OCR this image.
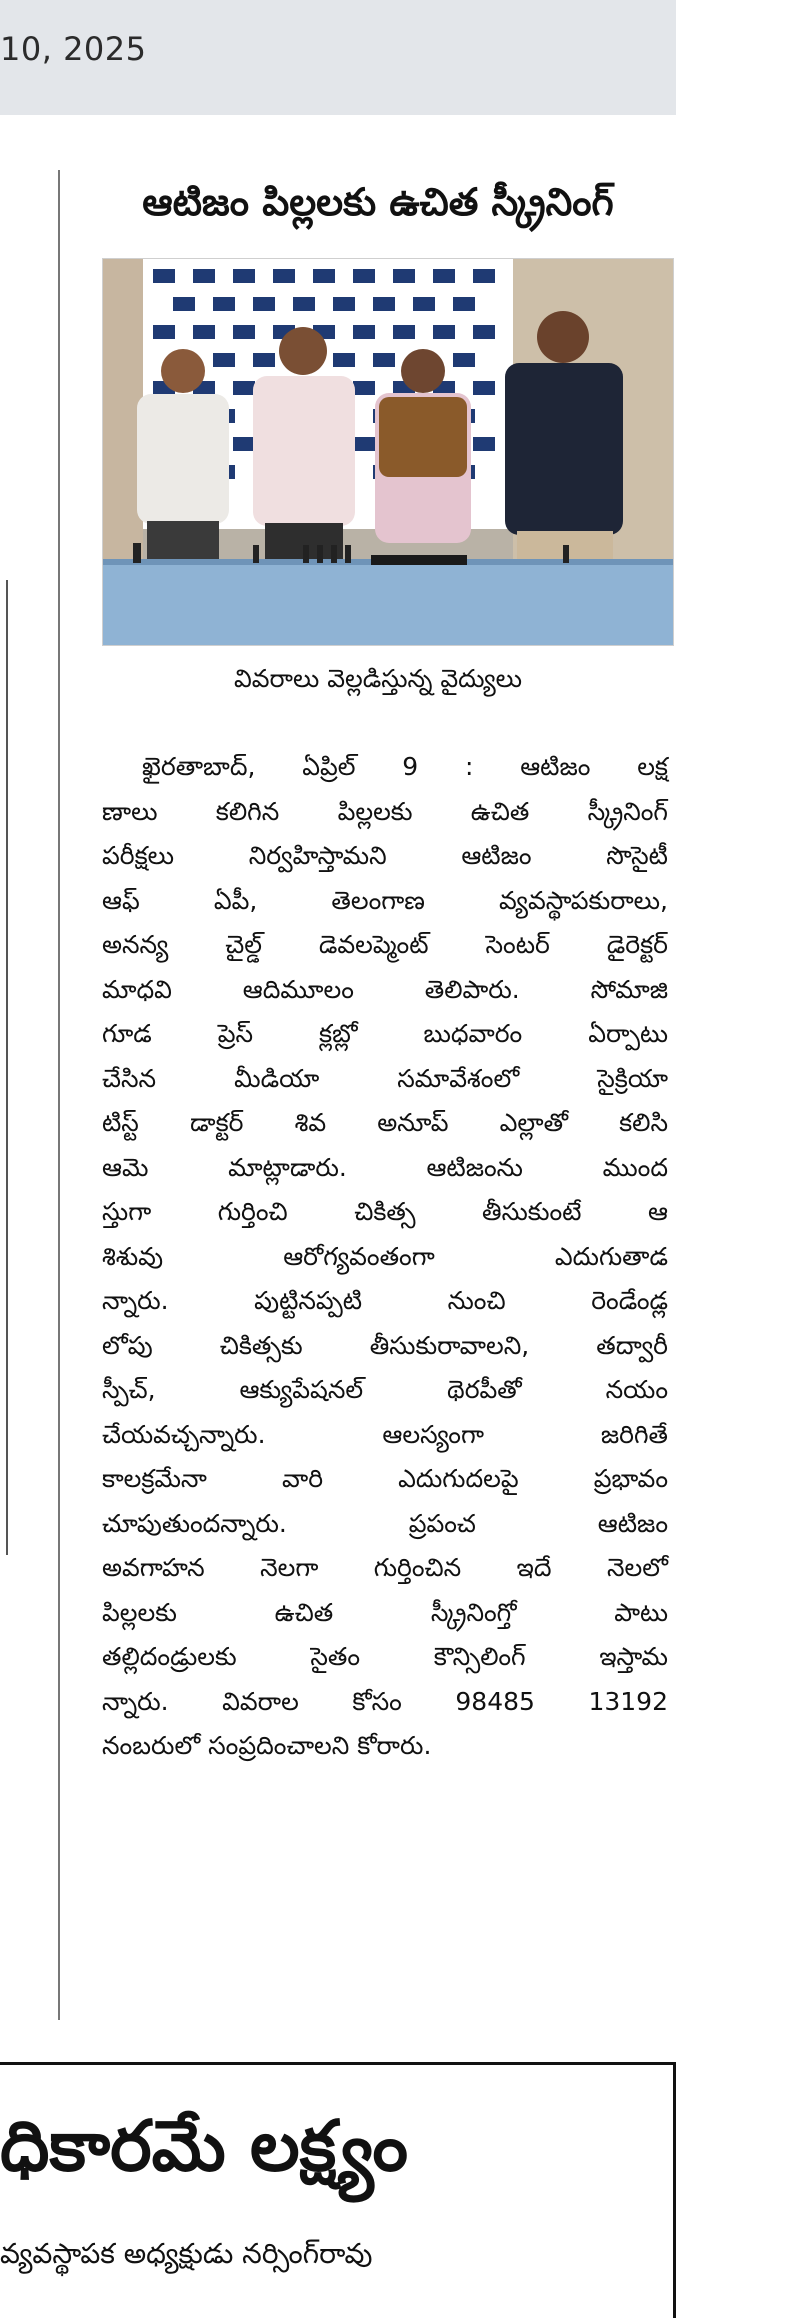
10, 2025
ఆటిజం పిల్లలకు ఉచిత స్క్రీనింగ్
వివరాలు వెల్లడిస్తున్న వైద్యులు
ఖైరతాబాద్, ఏప్రిల్ 9 : ఆటిజం లక్ష
ణాలు కలిగిన పిల్లలకు ఉచిత స్క్రీనింగ్
పరీక్షలు నిర్వహిస్తామని ఆటిజం సొసైటీ
ఆఫ్ ఏపీ, తెలంగాణ వ్యవస్థాపకురాలు,
అనన్య చైల్డ్ డెవలప్మెంట్ సెంటర్ డైరెక్టర్
మాధవి ఆదిమూలం తెలిపారు. సోమాజి
గూడ ప్రెస్ క్లబ్లో బుధవారం ఏర్పాటు
చేసిన మీడియా సమావేశంలో సైక్రియా
టిస్ట్ డాక్టర్ శివ అనూప్ ఎల్లాతో కలిసి
ఆమె మాట్లాడారు. ఆటిజంను ముంద
స్తుగా గుర్తించి చికిత్స తీసుకుంటే ఆ
శిశువు ఆరోగ్యవంతంగా ఎదుగుతాడ
న్నారు. పుట్టినప్పటి నుంచి రెండేండ్ల
లోపు చికిత్సకు తీసుకురావాలని, తద్వారీ
స్పీచ్, ఆక్యుపేషనల్ థెరపీతో నయం
చేయవచ్చన్నారు. ఆలస్యంగా జరిగితే
కాలక్రమేనా వారి ఎదుగుదలపై ప్రభావం
చూపుతుందన్నారు. ప్రపంచ ఆటిజం
అవగాహన నెలగా గుర్తించిన ఇదే నెలలో
పిల్లలకు ఉచిత స్క్రీనింగ్తో పాటు
తల్లిదండ్రులకు సైతం కౌన్సిలింగ్ ఇస్తామ
న్నారు. వివరాల కోసం 98485 13192
నంబరులో సంప్రదించాలని కోరారు.
ధికారమే లక్ష్యం
వ్యవస్థాపక అధ్యక్షుడు నర్సింగ్‌రావు
